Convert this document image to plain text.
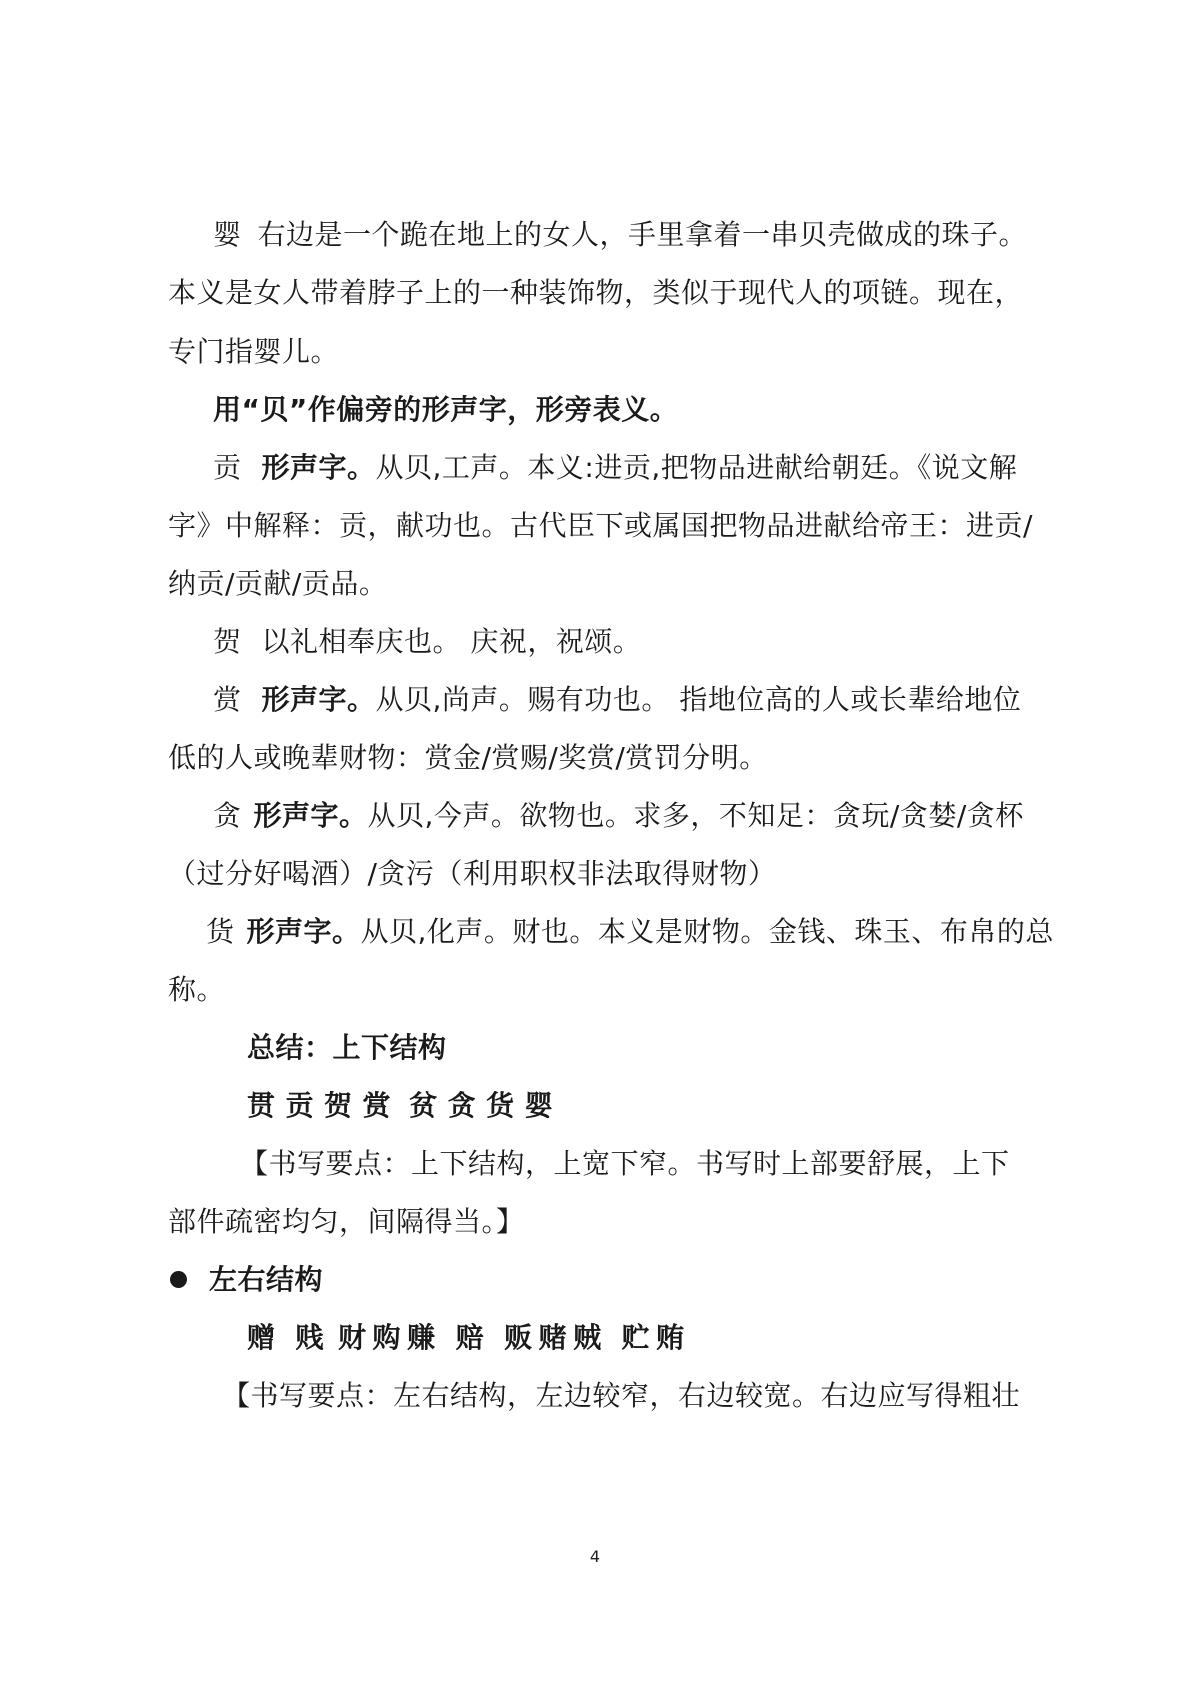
婴 右边是一个跪在地上的女人，手里拿着一串贝壳做成的珠子。
本义是女人带着脖子上的一种装饰物，类似于现代人的项链。现在，
专门指婴儿。
用“贝”作偏旁的形声字，形旁表义。
贡 形声字。从贝,工声。本义:进贡,把物品进献给朝廷。《说文解
字》中解释：贡，献功也。古代臣下或属国把物品进献给帝王：进贡/
纳贡/贡献/贡品。
贺 以礼相奉庆也。 庆祝，祝颂。
赏 形声字。从贝,尚声。赐有功也。 指地位高的人或长辈给地位
低的人或晚辈财物：赏金/赏赐/奖赏/赏罚分明。
贪 形声字。从贝,今声。欲物也。求多，不知足：贪玩/贪婪/贪杯
（过分好喝酒）/贪污（利用职权非法取得财物）
货 形声字。从贝,化声。财也。本义是财物。金钱、珠玉、布帛的总
称。
总结：上下结构
贯 贡 贺 赏 贫 贪 货 婴
【书写要点：上下结构，上宽下窄。书写时上部要舒展，上下
部件疏密均匀，间隔得当。】
左右结构
赠 贱 财 购 赚 赔 贩 赌 贼 贮 贿
【书写要点：左右结构，左边较窄，右边较宽。右边应写得粗壮
4
